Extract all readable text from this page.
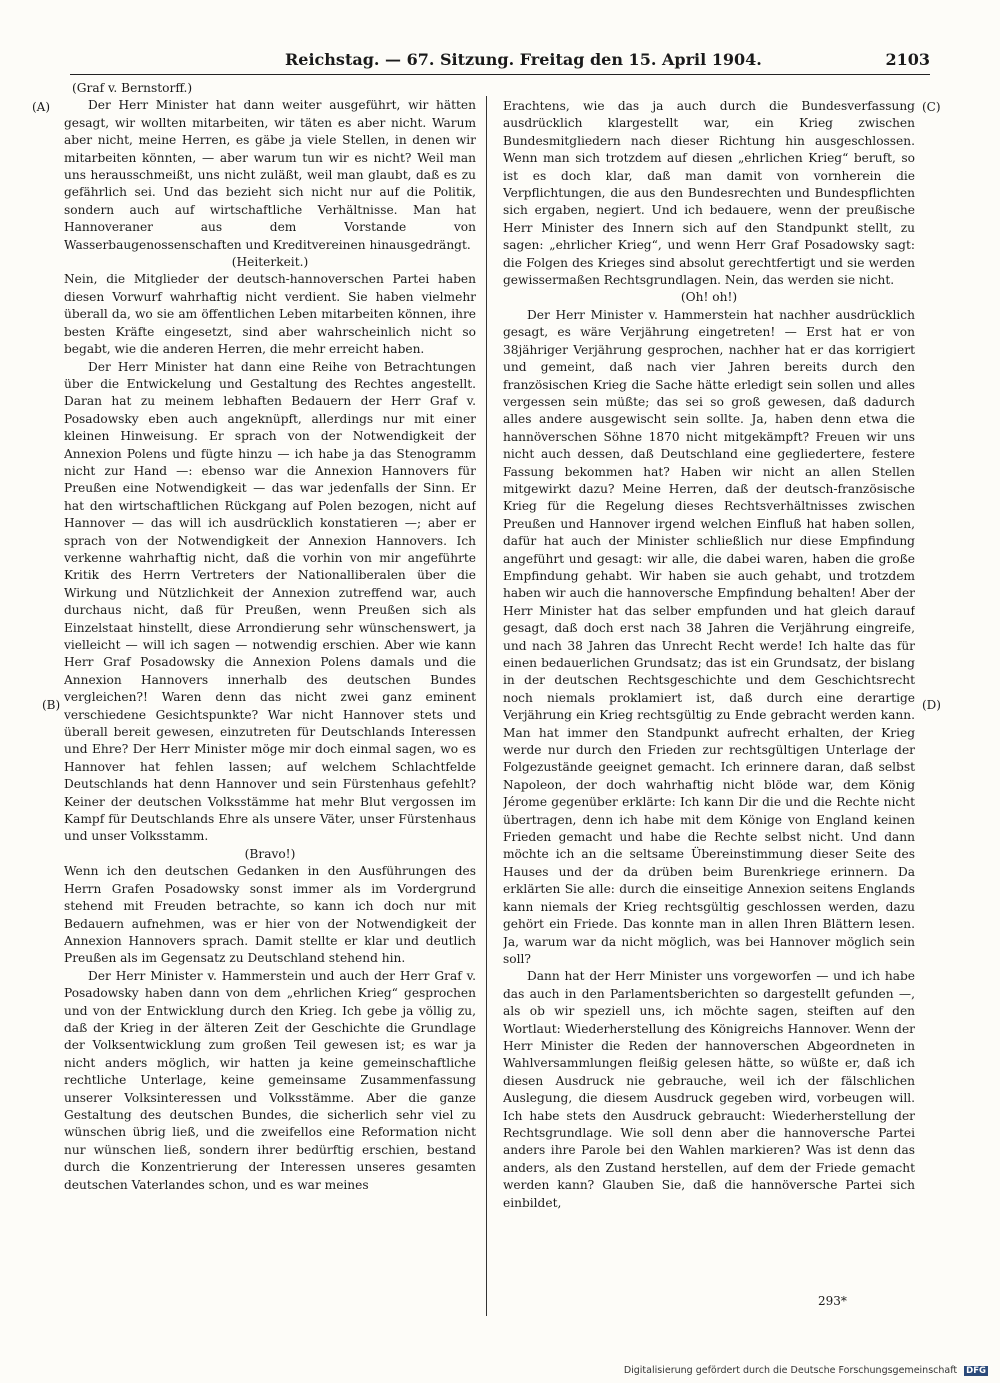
Reichstag. — 67. Sitzung. Freitag den 15. April 1904.	2103
(A)
(B)
(C)
(D)

(Graf v. Bernstorff.)

Der Herr Minister hat dann weiter ausgeführt, wir hätten gesagt, wir wollten mitarbeiten, wir täten es aber nicht. Warum aber nicht, meine Herren, es gäbe ja viele Stellen, in denen wir mitarbeiten könnten, — aber warum tun wir es nicht? Weil man uns herausschmeißt, uns nicht zuläßt, weil man glaubt, daß es zu gefährlich sei. Und das bezieht sich nicht nur auf die Politik, sondern auch auf wirtschaftliche Verhältnisse. Man hat Hannoveraner aus dem Vorstande von Wasserbaugenossenschaften und Kreditvereinen hinausgedrängt.

(Heiterkeit.)

Nein, die Mitglieder der deutsch-hannoverschen Partei haben diesen Vorwurf wahrhaftig nicht verdient. Sie haben vielmehr überall da, wo sie am öffentlichen Leben mitarbeiten können, ihre besten Kräfte eingesetzt, sind aber wahrscheinlich nicht so begabt, wie die anderen Herren, die mehr erreicht haben.

Der Herr Minister hat dann eine Reihe von Betrachtungen über die Entwickelung und Gestaltung des Rechtes angestellt. Daran hat zu meinem lebhaften Bedauern der Herr Graf v. Posadowsky eben auch angeknüpft, allerdings nur mit einer kleinen Hinweisung. Er sprach von der Notwendigkeit der Annexion Polens und fügte hinzu — ich habe ja das Stenogramm nicht zur Hand —: ebenso war die Annexion Hannovers für Preußen eine Notwendigkeit — das war jedenfalls der Sinn. Er hat den wirtschaftlichen Rückgang auf Polen bezogen, nicht auf Hannover — das will ich ausdrücklich konstatieren —; aber er sprach von der Notwendigkeit der Annexion Hannovers. Ich verkenne wahrhaftig nicht, daß die vorhin von mir angeführte Kritik des Herrn Vertreters der Nationalliberalen über die Wirkung und Nützlichkeit der Annexion zutreffend war, auch durchaus nicht, daß für Preußen, wenn Preußen sich als Einzelstaat hinstellt, diese Arrondierung sehr wünschenswert, ja vielleicht — will ich sagen — notwendig erschien. Aber wie kann Herr Graf Posadowsky die Annexion Polens damals und die Annexion Hannovers innerhalb des deutschen Bundes vergleichen?! Waren denn das nicht zwei ganz eminent verschiedene Gesichtspunkte? War nicht Hannover stets und überall bereit gewesen, einzutreten für Deutschlands Interessen und Ehre? Der Herr Minister möge mir doch einmal sagen, wo es Hannover hat fehlen lassen; auf welchem Schlachtfelde Deutschlands hat denn Hannover und sein Fürstenhaus gefehlt? Keiner der deutschen Volksstämme hat mehr Blut vergossen im Kampf für Deutschlands Ehre als unsere Väter, unser Fürstenhaus und unser Volksstamm.

(Bravo!)

Wenn ich den deutschen Gedanken in den Ausführungen des Herrn Grafen Posadowsky sonst immer als im Vordergrund stehend mit Freuden betrachte, so kann ich doch nur mit Bedauern aufnehmen, was er hier von der Notwendigkeit der Annexion Hannovers sprach. Damit stellte er klar und deutlich Preußen als im Gegensatz zu Deutschland stehend hin.

Der Herr Minister v. Hammerstein und auch der Herr Graf v. Posadowsky haben dann von dem „ehrlichen Krieg“ gesprochen und von der Entwicklung durch den Krieg. Ich gebe ja völlig zu, daß der Krieg in der älteren Zeit der Geschichte die Grundlage der Volksentwicklung zum großen Teil gewesen ist; es war ja nicht anders möglich, wir hatten ja keine gemeinschaftliche rechtliche Unterlage, keine gemeinsame Zusammenfassung unserer Volksinteressen und Volksstämme. Aber die ganze Gestaltung des deutschen Bundes, die sicherlich sehr viel zu wünschen übrig ließ, und die zweifellos eine Reformation nicht nur wünschen ließ, sondern ihrer bedürftig erschien, bestand durch die Konzentrierung der Interessen unseres gesamten deutschen Vaterlandes schon, und es war meines

Erachtens, wie das ja auch durch die Bundesverfassung ausdrücklich klargestellt war, ein Krieg zwischen Bundesmitgliedern nach dieser Richtung hin ausgeschlossen. Wenn man sich trotzdem auf diesen „ehrlichen Krieg“ beruft, so ist es doch klar, daß man damit von vornherein die Verpflichtungen, die aus den Bundesrechten und Bundespflichten sich ergaben, negiert. Und ich bedauere, wenn der preußische Herr Minister des Innern sich auf den Standpunkt stellt, zu sagen: „ehrlicher Krieg“, und wenn Herr Graf Posadowsky sagt: die Folgen des Krieges sind absolut gerechtfertigt und sie werden gewissermaßen Rechtsgrundlagen. Nein, das werden sie nicht.

(Oh! oh!)

Der Herr Minister v. Hammerstein hat nachher ausdrücklich gesagt, es wäre Verjährung eingetreten! — Erst hat er von 38jähriger Verjährung gesprochen, nachher hat er das korrigiert und gemeint, daß nach vier Jahren bereits durch den französischen Krieg die Sache hätte erledigt sein sollen und alles vergessen sein müßte; das sei so groß gewesen, daß dadurch alles andere ausgewischt sein sollte. Ja, haben denn etwa die hannöverschen Söhne 1870 nicht mitgekämpft? Freuen wir uns nicht auch dessen, daß Deutschland eine gegliedertere, festere Fassung bekommen hat? Haben wir nicht an allen Stellen mitgewirkt dazu? Meine Herren, daß der deutsch-französische Krieg für die Regelung dieses Rechtsverhältnisses zwischen Preußen und Hannover irgend welchen Einfluß hat haben sollen, dafür hat auch der Minister schließlich nur diese Empfindung angeführt und gesagt: wir alle, die dabei waren, haben die große Empfindung gehabt. Wir haben sie auch gehabt, und trotzdem haben wir auch die hannoversche Empfindung behalten! Aber der Herr Minister hat das selber empfunden und hat gleich darauf gesagt, daß doch erst nach 38 Jahren die Verjährung eingreife, und nach 38 Jahren das Unrecht Recht werde! Ich halte das für einen bedauerlichen Grundsatz; das ist ein Grundsatz, der bislang in der deutschen Rechtsgeschichte und dem Geschichtsrecht noch niemals proklamiert ist, daß durch eine derartige Verjährung ein Krieg rechtsgültig zu Ende gebracht werden kann. Man hat immer den Standpunkt aufrecht erhalten, der Krieg werde nur durch den Frieden zur rechtsgültigen Unterlage der Folgezustände geeignet gemacht. Ich erinnere daran, daß selbst Napoleon, der doch wahrhaftig nicht blöde war, dem König Jérome gegenüber erklärte: Ich kann Dir die und die Rechte nicht übertragen, denn ich habe mit dem Könige von England keinen Frieden gemacht und habe die Rechte selbst nicht. Und dann möchte ich an die seltsame Übereinstimmung dieser Seite des Hauses und der da drüben beim Burenkriege erinnern. Da erklärten Sie alle: durch die einseitige Annexion seitens Englands kann niemals der Krieg rechtsgültig geschlossen werden, dazu gehört ein Friede. Das konnte man in allen Ihren Blättern lesen. Ja, warum war da nicht möglich, was bei Hannover möglich sein soll?

Dann hat der Herr Minister uns vorgeworfen — und ich habe das auch in den Parlamentsberichten so dargestellt gefunden —, als ob wir speziell uns, ich möchte sagen, steiften auf den Wortlaut: Wiederherstellung des Königreichs Hannover. Wenn der Herr Minister die Reden der hannoverschen Abgeordneten in Wahlversammlungen fleißig gelesen hätte, so wüßte er, daß ich diesen Ausdruck nie gebrauche, weil ich der fälschlichen Auslegung, die diesem Ausdruck gegeben wird, vorbeugen will. Ich habe stets den Ausdruck gebraucht: Wiederherstellung der Rechtsgrundlage. Wie soll denn aber die hannoversche Partei anders ihre Parole bei den Wahlen markieren? Was ist denn das anders, als den Zustand herstellen, auf dem der Friede gemacht werden kann? Glauben Sie, daß die hannöversche Partei sich einbildet,

293*
Digitalisierung gefördert durch die Deutsche Forschungsgemeinschaft DFG
